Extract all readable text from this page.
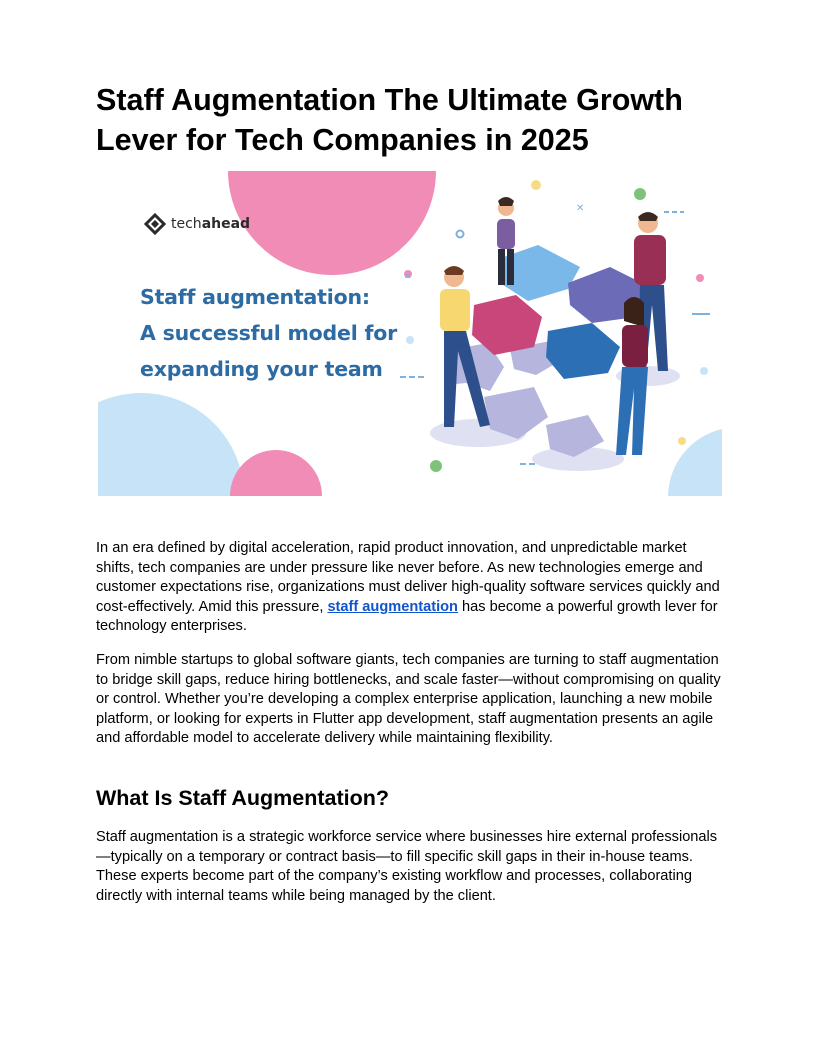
Staff Augmentation The Ultimate Growth Lever for Tech Companies in 2025
✕
✕
tech ahead
Staff augmentation:
A successful model for
expanding your team

In an era defined by digital acceleration, rapid product innovation, and unpredictable market shifts, tech companies are under pressure like never before. As new technologies emerge and customer expectations rise, organizations must deliver high-quality software services quickly and cost-effectively. Amid this pressure, staff augmentation has become a powerful growth lever for technology enterprises.

From nimble startups to global software giants, tech companies are turning to staff augmentation to bridge skill gaps, reduce hiring bottlenecks, and scale faster—without compromising on quality or control. Whether you’re developing a complex enterprise application, launching a new mobile platform, or looking for experts in Flutter app development, staff augmentation presents an agile and affordable model to accelerate delivery while maintaining flexibility.

What Is Staff Augmentation?

Staff augmentation is a strategic workforce service where businesses hire external professionals—typically on a temporary or contract basis—to fill specific skill gaps in their in-house teams. These experts become part of the company’s existing workflow and processes, collaborating directly with internal teams while being managed by the client.
